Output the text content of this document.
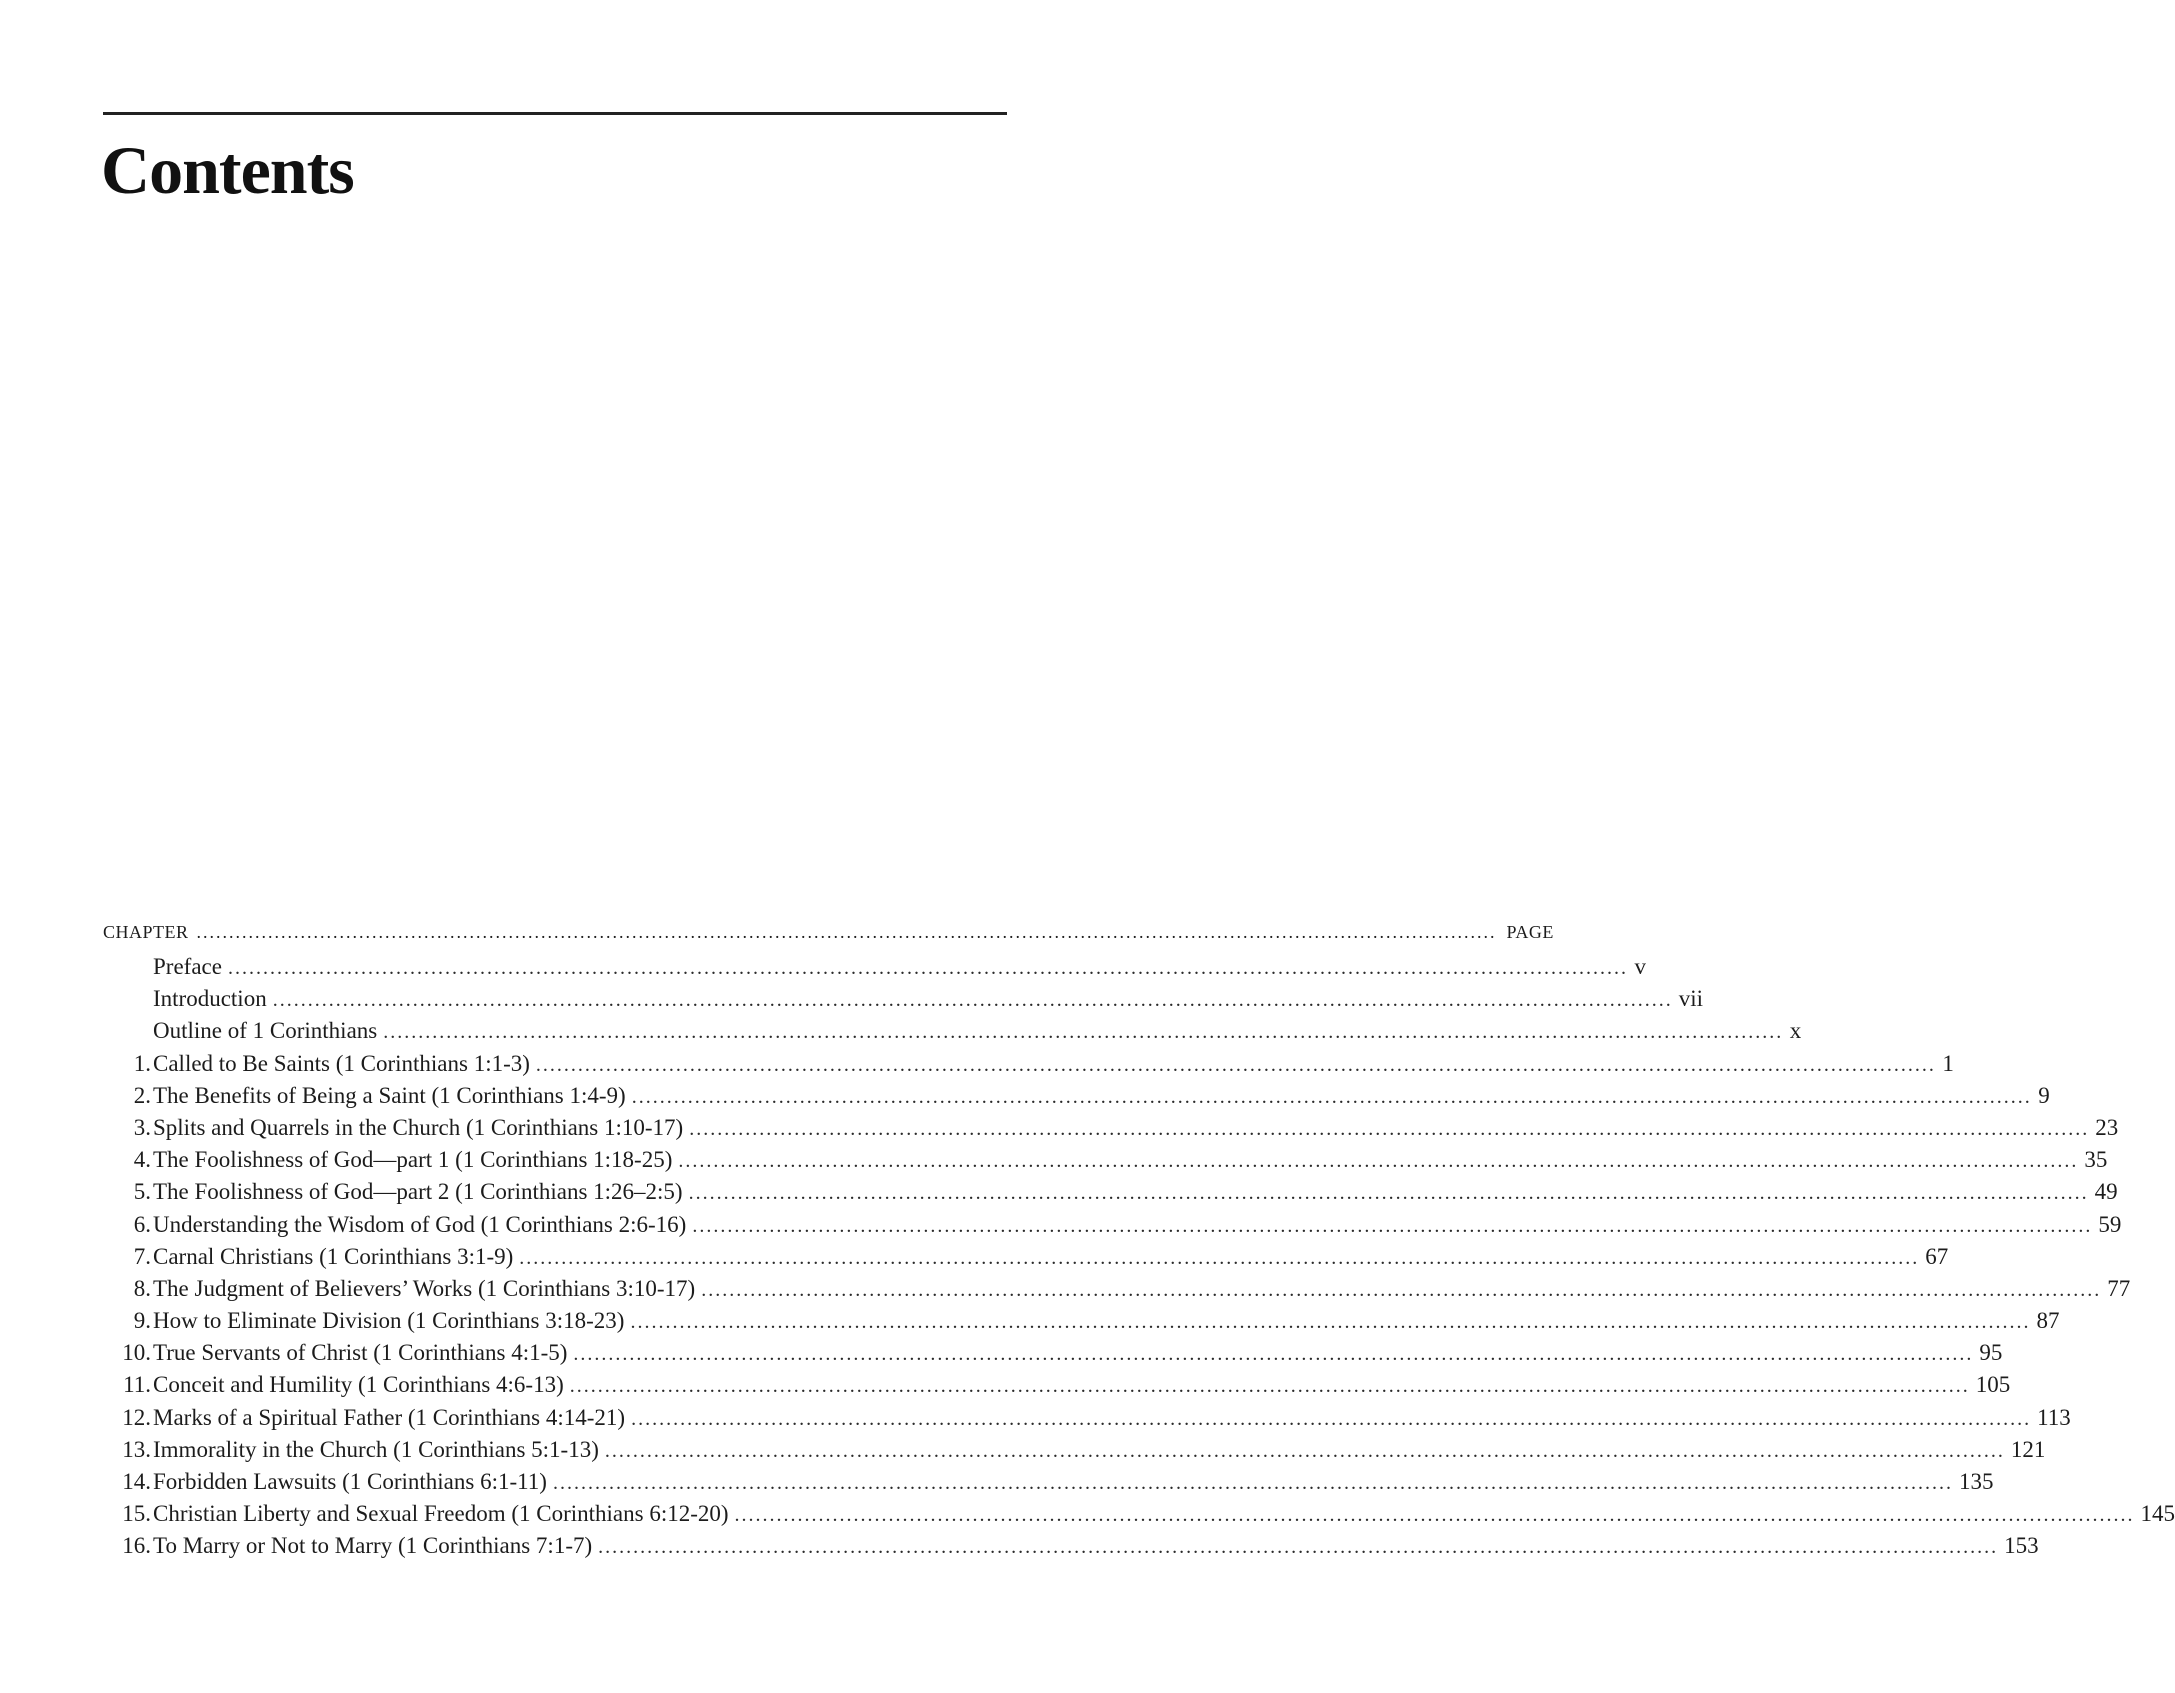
Contents
CHAPTER ........................................................................................................................................................................................................ PAGE
Preface ........................................................................................................................................................................................................ v
Introduction ........................................................................................................................................................................................................ vii
Outline of 1 Corinthians ........................................................................................................................................................................................................ x
1. Called to Be Saints (1 Corinthians 1:1-3) ........................................................................................................................................................................................................ 1
2. The Benefits of Being a Saint (1 Corinthians 1:4-9) ........................................................................................................................................................................................................ 9
3. Splits and Quarrels in the Church (1 Corinthians 1:10-17) ........................................................................................................................................................................................................ 23
4. The Foolishness of God—part 1 (1 Corinthians 1:18-25) ........................................................................................................................................................................................................ 35
5. The Foolishness of God—part 2 (1 Corinthians 1:26–2:5) ........................................................................................................................................................................................................ 49
6. Understanding the Wisdom of God (1 Corinthians 2:6-16) ........................................................................................................................................................................................................ 59
7. Carnal Christians (1 Corinthians 3:1-9) ........................................................................................................................................................................................................ 67
8. The Judgment of Believers’ Works (1 Corinthians 3:10-17) ........................................................................................................................................................................................................ 77
9. How to Eliminate Division (1 Corinthians 3:18-23) ........................................................................................................................................................................................................ 87
10. True Servants of Christ (1 Corinthians 4:1-5) ........................................................................................................................................................................................................ 95
11. Conceit and Humility (1 Corinthians 4:6-13) ........................................................................................................................................................................................................ 105
12. Marks of a Spiritual Father (1 Corinthians 4:14-21) ........................................................................................................................................................................................................ 113
13. Immorality in the Church (1 Corinthians 5:1-13) ........................................................................................................................................................................................................ 121
14. Forbidden Lawsuits (1 Corinthians 6:1-11) ........................................................................................................................................................................................................ 135
15. Christian Liberty and Sexual Freedom (1 Corinthians 6:12-20) ........................................................................................................................................................................................................ 145
16. To Marry or Not to Marry (1 Corinthians 7:1-7) ........................................................................................................................................................................................................ 153
